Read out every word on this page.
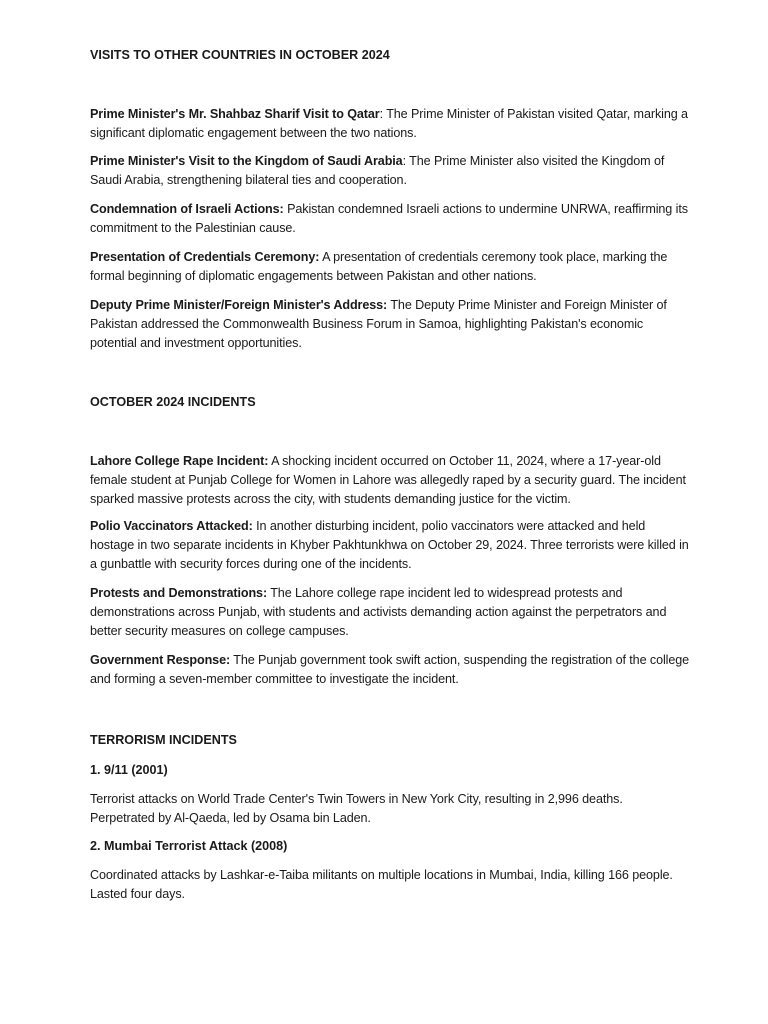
VISITS TO OTHER COUNTRIES IN OCTOBER 2024
Prime Minister's Mr. Shahbaz Sharif Visit to Qatar: The Prime Minister of Pakistan visited Qatar, marking a significant diplomatic engagement between the two nations.
Prime Minister's Visit to the Kingdom of Saudi Arabia: The Prime Minister also visited the Kingdom of Saudi Arabia, strengthening bilateral ties and cooperation.
Condemnation of Israeli Actions: Pakistan condemned Israeli actions to undermine UNRWA, reaffirming its commitment to the Palestinian cause.
Presentation of Credentials Ceremony: A presentation of credentials ceremony took place, marking the formal beginning of diplomatic engagements between Pakistan and other nations.
Deputy Prime Minister/Foreign Minister's Address: The Deputy Prime Minister and Foreign Minister of Pakistan addressed the Commonwealth Business Forum in Samoa, highlighting Pakistan's economic potential and investment opportunities.
OCTOBER 2024 INCIDENTS
Lahore College Rape Incident: A shocking incident occurred on October 11, 2024, where a 17-year-old female student at Punjab College for Women in Lahore was allegedly raped by a security guard. The incident sparked massive protests across the city, with students demanding justice for the victim.
Polio Vaccinators Attacked: In another disturbing incident, polio vaccinators were attacked and held hostage in two separate incidents in Khyber Pakhtunkhwa on October 29, 2024. Three terrorists were killed in a gunbattle with security forces during one of the incidents.
Protests and Demonstrations: The Lahore college rape incident led to widespread protests and demonstrations across Punjab, with students and activists demanding action against the perpetrators and better security measures on college campuses.
Government Response: The Punjab government took swift action, suspending the registration of the college and forming a seven-member committee to investigate the incident.
TERRORISM INCIDENTS
1. 9/11 (2001)
Terrorist attacks on World Trade Center's Twin Towers in New York City, resulting in 2,996 deaths. Perpetrated by Al-Qaeda, led by Osama bin Laden.
2. Mumbai Terrorist Attack (2008)
Coordinated attacks by Lashkar-e-Taiba militants on multiple locations in Mumbai, India, killing 166 people. Lasted four days.
